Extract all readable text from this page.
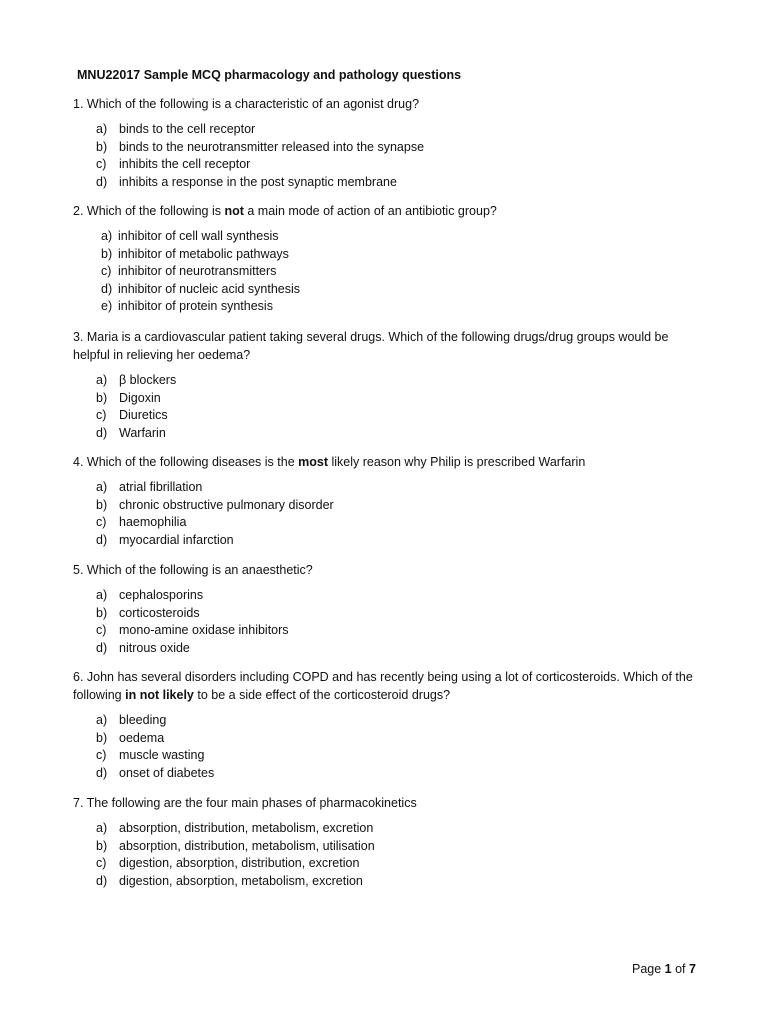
MNU22017 Sample MCQ pharmacology and pathology questions

1. Which of the following is a characteristic of an agonist drug?

a) binds to the cell receptor
b) binds to the neurotransmitter released into the synapse
c) inhibits the cell receptor
d) inhibits a response in the post synaptic membrane

2. Which of the following is not a main mode of action of an antibiotic group?

a) inhibitor of cell wall synthesis
b) inhibitor of metabolic pathways
c) inhibitor of neurotransmitters
d) inhibitor of nucleic acid synthesis
e) inhibitor of protein synthesis

3. Maria is a cardiovascular patient taking several drugs. Which of the following drugs/drug groups would be helpful in relieving her oedema?

a) β blockers
b) Digoxin
c) Diuretics
d) Warfarin

4. Which of the following diseases is the most likely reason why Philip is prescribed Warfarin

a) atrial fibrillation
b) chronic obstructive pulmonary disorder
c) haemophilia
d) myocardial infarction

5. Which of the following is an anaesthetic?

a) cephalosporins
b) corticosteroids
c) mono-amine oxidase inhibitors
d) nitrous oxide

6. John has several disorders including COPD and has recently being using a lot of corticosteroids. Which of the following in not likely to be a side effect of the corticosteroid drugs?

a) bleeding
b) oedema
c) muscle wasting
d) onset of diabetes

7. The following are the four main phases of pharmacokinetics

a) absorption, distribution, metabolism, excretion
b) absorption, distribution, metabolism, utilisation
c) digestion, absorption, distribution, excretion
d) digestion, absorption, metabolism, excretion
Page 1 of 7
